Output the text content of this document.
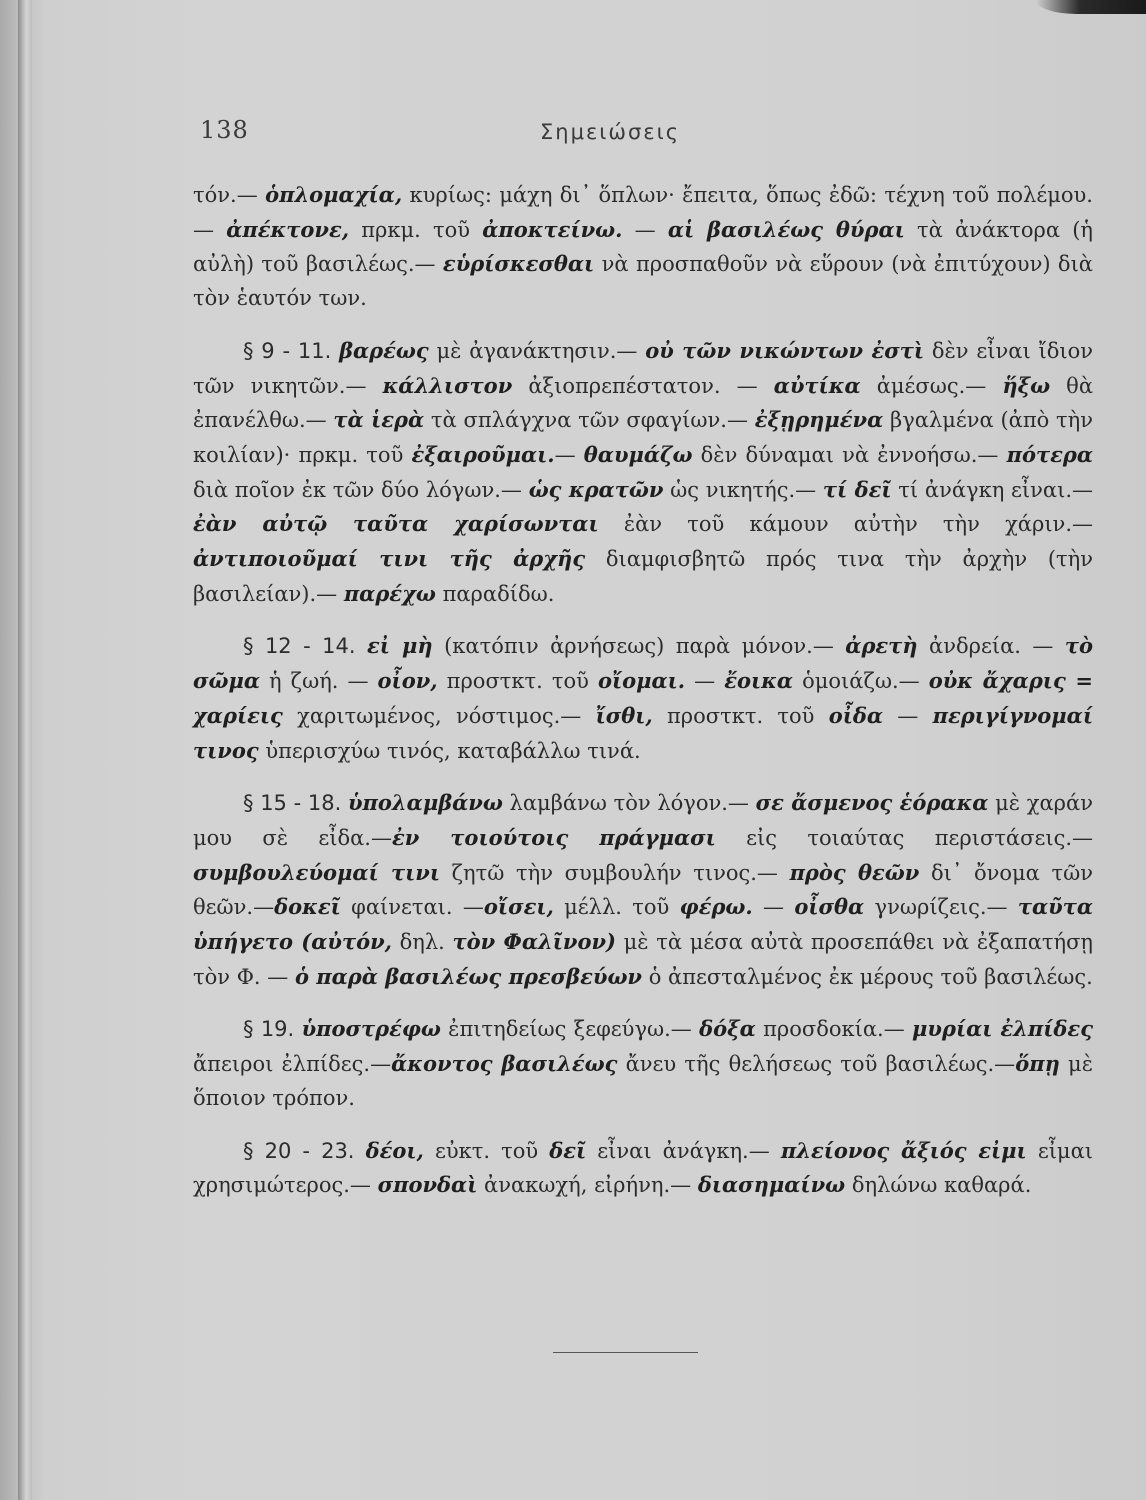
138	Σημειώσεις

τόν.— ὁπλομαχία, κυρίως: μάχη δι᾽ ὅπλων· ἔπειτα, ὅπως ἐδῶ: τέχνη τοῦ πολέμου.— ἀπέκτονε, πρκμ. τοῦ ἀποκτείνω. — αἱ βασιλέως θύραι τὰ ἀνάκτορα (ἡ αὐλὴ) τοῦ βασιλέως.— εὑρίσκεσθαι νὰ προσπαθοῦν νὰ εὕρουν (νὰ ἐπιτύχουν) διὰ τὸν ἑαυτόν των.

§ 9 - 11. βαρέως μὲ ἀγανάκτησιν.— οὐ τῶν νικώντων ἐστὶ δὲν εἶναι ἴδιον τῶν νικητῶν.— κάλλιστον ἀξιοπρεπέστατον. — αὐτίκα ἀμέσως.— ἥξω θὰ ἐπανέλθω.— τὰ ἱερὰ τὰ σπλάγχνα τῶν σφαγίων.— ἐξῃρημένα βγαλμένα (ἀπὸ τὴν κοιλίαν)· πρκμ. τοῦ ἐξαιροῦμαι.— θαυμάζω δὲν δύναμαι νὰ ἐννοήσω.— πότερα διὰ ποῖον ἐκ τῶν δύο λόγων.— ὡς κρατῶν ὡς νικητής.— τί δεῖ τί ἀνάγκη εἶναι.— ἐὰν αὐτῷ ταῦτα χαρίσωνται ἐὰν τοῦ κάμουν αὐτὴν τὴν χάριν.— ἀντιποιοῦμαί τινι τῆς ἀρχῆς διαμφισβητῶ πρός τινα τὴν ἀρχὴν (τὴν βασιλείαν).— παρέχω παραδίδω.

§ 12 - 14. εἰ μὴ (κατόπιν ἀρνήσεως) παρὰ μόνον.— ἀρετὴ ἀνδρεία. — τὸ σῶμα ἡ ζωή. — οἶον, προστκτ. τοῦ οἴομαι. — ἔοικα ὁμοιάζω.— οὐκ ἄχαρις = χαρίεις χαριτωμένος, νόστιμος.— ἴσθι, προστκτ. τοῦ οἶδα — περιγίγνομαί τινος ὑπερισχύω τινός, καταβάλλω τινά.

§ 15 - 18. ὑπολαμβάνω λαμβάνω τὸν λόγον.— σε ἄσμενος ἑόρακα μὲ χαράν μου σὲ εἶδα.—ἐν τοιούτοις πράγμασι εἰς τοιαύτας περιστάσεις.—συμβουλεύομαί τινι ζητῶ τὴν συμβουλήν τινος.— πρὸς θεῶν δι᾽ ὄνομα τῶν θεῶν.—δοκεῖ φαίνεται. —οἴσει, μέλλ. τοῦ φέρω. — οἶσθα γνωρίζεις.— ταῦτα ὑπήγετο (αὐτόν, δηλ. τὸν Φαλῖνον) μὲ τὰ μέσα αὐτὰ προσεπάθει νὰ ἐξαπατήσῃ τὸν Φ. — ὁ παρὰ βασιλέως πρεσβεύων ὁ ἀπεσταλμένος ἐκ μέρους τοῦ βασιλέως.

§ 19. ὑποστρέφω ἐπιτηδείως ξεφεύγω.— δόξα προσδοκία.— μυρίαι ἐλπίδες ἄπειροι ἐλπίδες.—ἄκοντος βασιλέως ἄνευ τῆς θελήσεως τοῦ βασιλέως.—ὅπῃ μὲ ὅποιον τρόπον.

§ 20 - 23. δέοι, εὐκτ. τοῦ δεῖ εἶναι ἀνάγκη.— πλείονος ἄξιός εἰμι εἶμαι χρησιμώτερος.— σπονδαὶ ἀνακωχή, εἰρήνη.— διασημαίνω δηλώνω καθαρά.
